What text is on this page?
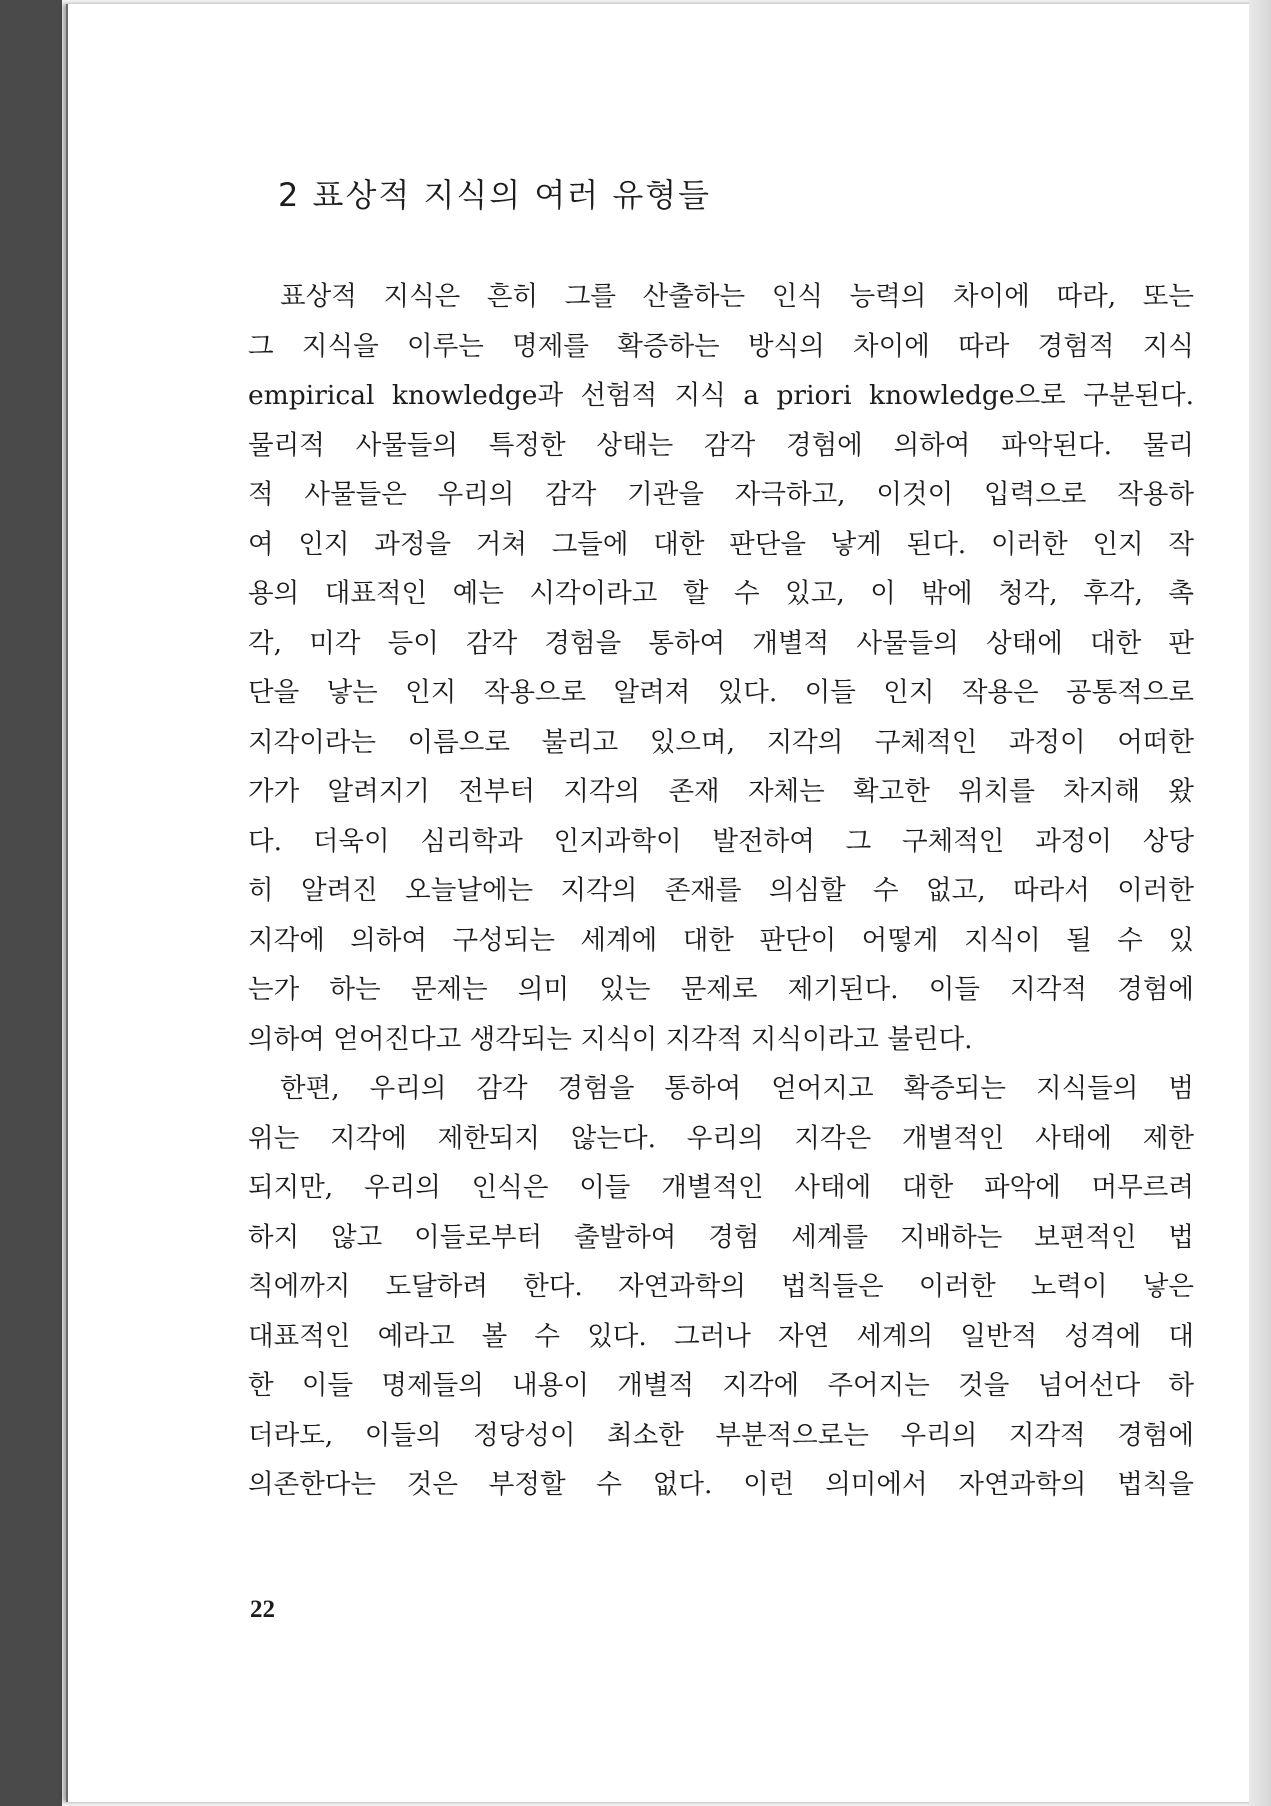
2 표상적 지식의 여러 유형들
표상적 지식은 흔히 그를 산출하는 인식 능력의 차이에 따라, 또는
그 지식을 이루는 명제를 확증하는 방식의 차이에 따라 경험적 지식
empirical knowledge과 선험적 지식 a priori knowledge으로 구분된다.
물리적 사물들의 특정한 상태는 감각 경험에 의하여 파악된다. 물리
적 사물들은 우리의 감각 기관을 자극하고, 이것이 입력으로 작용하
여 인지 과정을 거쳐 그들에 대한 판단을 낳게 된다. 이러한 인지 작
용의 대표적인 예는 시각이라고 할 수 있고, 이 밖에 청각, 후각, 촉
각, 미각 등이 감각 경험을 통하여 개별적 사물들의 상태에 대한 판
단을 낳는 인지 작용으로 알려져 있다. 이들 인지 작용은 공통적으로
지각이라는 이름으로 불리고 있으며, 지각의 구체적인 과정이 어떠한
가가 알려지기 전부터 지각의 존재 자체는 확고한 위치를 차지해 왔
다. 더욱이 심리학과 인지과학이 발전하여 그 구체적인 과정이 상당
히 알려진 오늘날에는 지각의 존재를 의심할 수 없고, 따라서 이러한
지각에 의하여 구성되는 세계에 대한 판단이 어떻게 지식이 될 수 있
는가 하는 문제는 의미 있는 문제로 제기된다. 이들 지각적 경험에
의하여 얻어진다고 생각되는 지식이 지각적 지식이라고 불린다.
한편, 우리의 감각 경험을 통하여 얻어지고 확증되는 지식들의 범
위는 지각에 제한되지 않는다. 우리의 지각은 개별적인 사태에 제한
되지만, 우리의 인식은 이들 개별적인 사태에 대한 파악에 머무르려
하지 않고 이들로부터 출발하여 경험 세계를 지배하는 보편적인 법
칙에까지 도달하려 한다. 자연과학의 법칙들은 이러한 노력이 낳은
대표적인 예라고 볼 수 있다. 그러나 자연 세계의 일반적 성격에 대
한 이들 명제들의 내용이 개별적 지각에 주어지는 것을 넘어선다 하
더라도, 이들의 정당성이 최소한 부분적으로는 우리의 지각적 경험에
의존한다는 것은 부정할 수 없다. 이런 의미에서 자연과학의 법칙을
22
